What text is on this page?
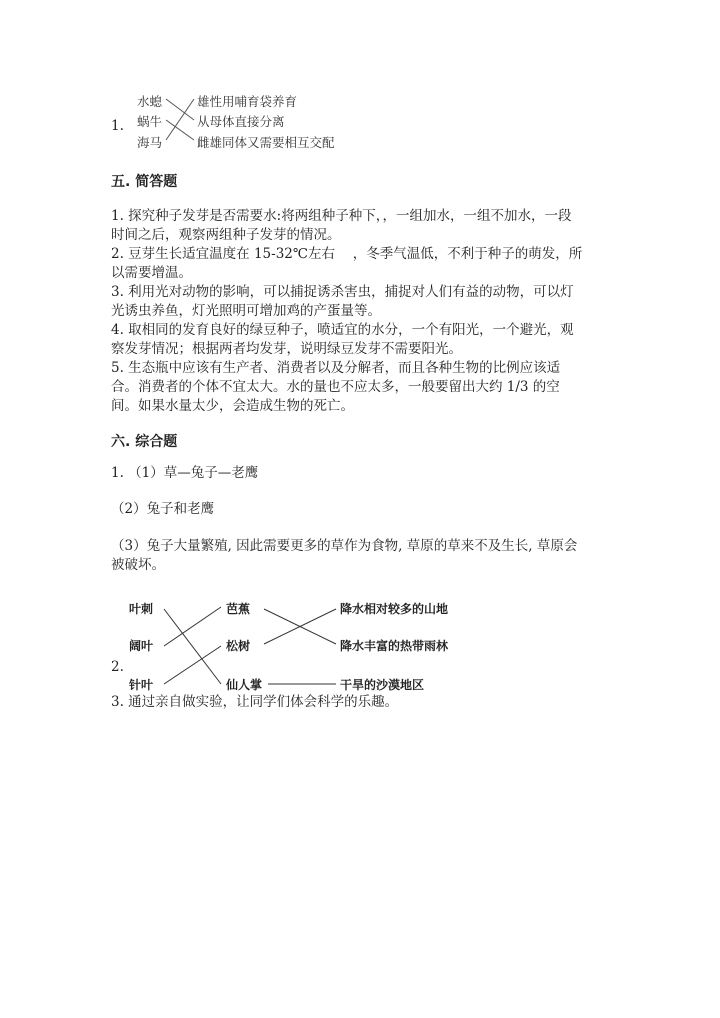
1.
水螅
蜗牛
海马
雄性用哺育袋养育
从母体直接分离
雌雄同体又需要相互交配
五. 简答题
1. 探究种子发芽是否需要水:将两组种子种下，，一组加水，一组不加水，一段
时间之后，观察两组种子发芽的情况。
2. 豆芽生长适宜温度在 15-32℃左右　 ，冬季气温低，不利于种子的萌发，所
以需要增温。
3. 利用光对动物的影响，可以捕捉诱杀害虫，捕捉对人们有益的动物，可以灯
光诱虫养鱼，灯光照明可增加鸡的产蛋量等。
4. 取相同的发育良好的绿豆种子，喷适宜的水分，一个有阳光，一个避光，观
察发芽情况；根据两者均发芽，说明绿豆发芽不需要阳光。
5. 生态瓶中应该有生产者、消费者以及分解者，而且各种生物的比例应该适
合。消费者的个体不宜太大。水的量也不应太多，一般要留出大约 1/3 的空
间。如果水量太少，会造成生物的死亡。
六. 综合题
1. （1）草—兔子—老鹰
（2）兔子和老鹰
（3）兔子大量繁殖, 因此需要更多的草作为食物, 草原的草来不及生长, 草原会
被破坏。
2.
叶刺
阔叶
针叶
芭蕉
松树
仙人掌
降水相对较多的山地
降水丰富的热带雨林
干旱的沙漠地区
3. 通过亲自做实验，让同学们体会科学的乐趣。
